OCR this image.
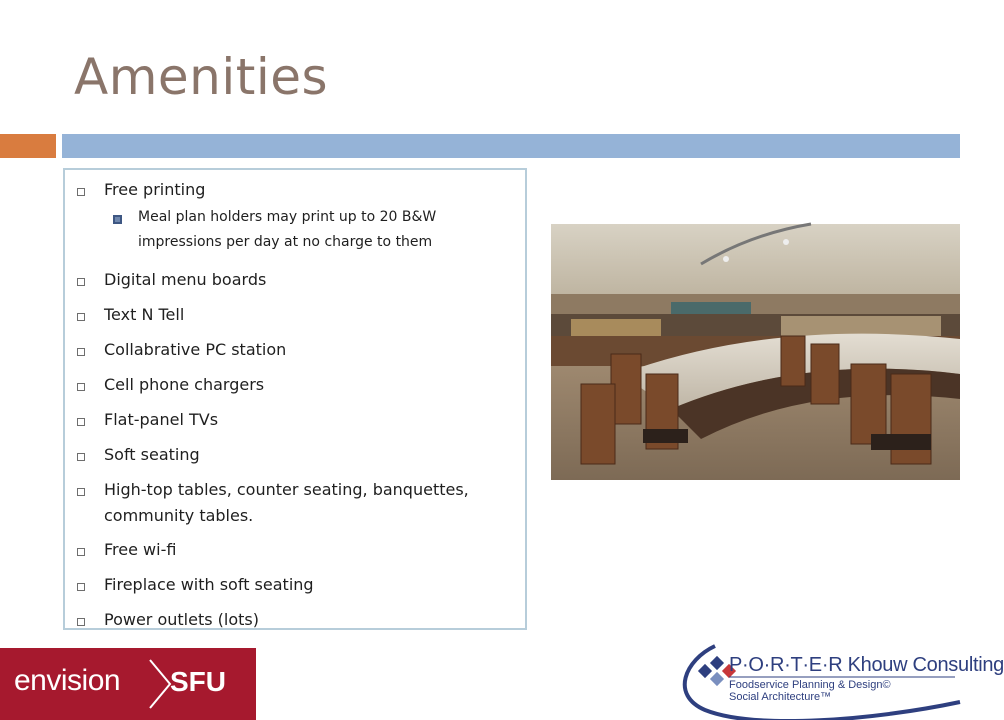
Amenities
Free printing
Meal plan holders may print up to 20 B&W impressions per day at no charge to them
Digital menu boards
Text N Tell
Collabrative PC station
Cell phone chargers
Flat-panel TVs
Soft seating
High-top tables, counter seating, banquettes, community tables.
Free wi-fi
Fireplace with soft seating
Power outlets (lots)
envision SFU
P·O·R·T·E·R Khouw Consulting
Foodservice Planning & Design©
Social Architecture™
